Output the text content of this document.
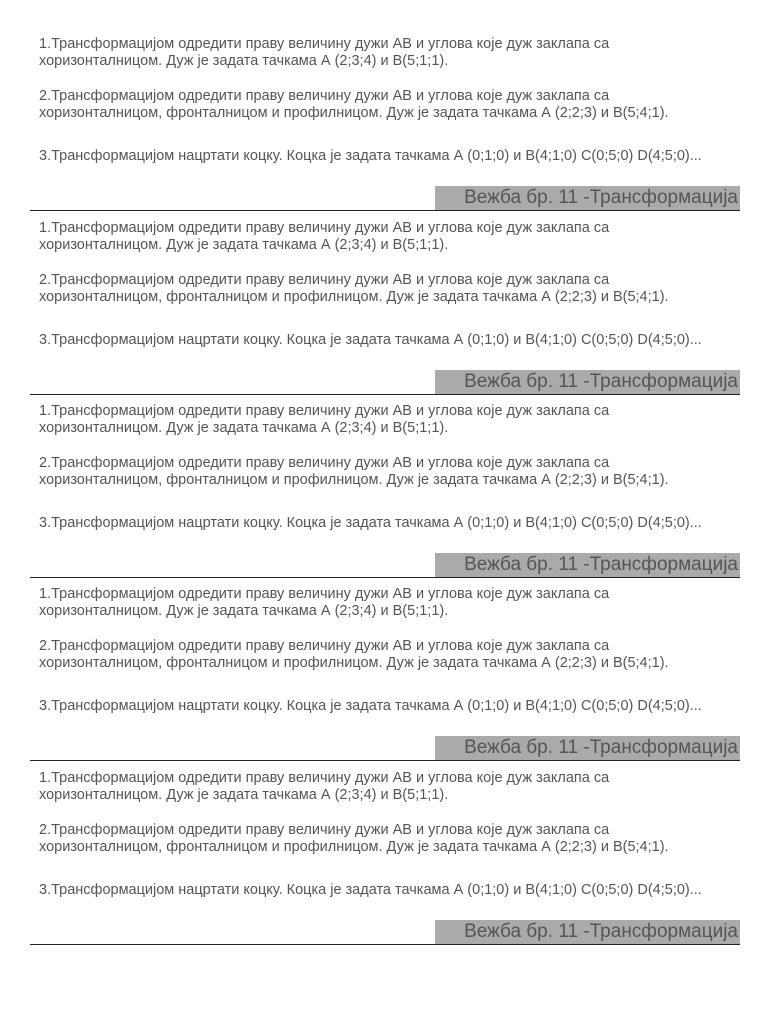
1.Трансформацијом одредити праву величину дужи АВ и углова које дуж заклапа са хоризонталницом. Дуж је задата тачкама А (2;3;4) и В(5;1;1).

2.Трансформацијом одредити праву величину дужи АВ и углова које дуж заклапа са хоризонталницом, фронталницом и профилницом. Дуж је задата тачкама А (2;2;3) и В(5;4;1).

3.Трансформацијом нацртати коцку. Коцка је задата тачкама А (0;1;0) и В(4;1;0) С(0;5;0) D(4;5;0)...

Вежба бр. 11 -Трансформација

1.Трансформацијом одредити праву величину дужи АВ и углова које дуж заклапа са хоризонталницом. Дуж је задата тачкама А (2;3;4) и В(5;1;1).

2.Трансформацијом одредити праву величину дужи АВ и углова које дуж заклапа са хоризонталницом, фронталницом и профилницом. Дуж је задата тачкама А (2;2;3) и В(5;4;1).

3.Трансформацијом нацртати коцку. Коцка је задата тачкама А (0;1;0) и В(4;1;0) С(0;5;0) D(4;5;0)...

Вежба бр. 11 -Трансформација

1.Трансформацијом одредити праву величину дужи АВ и углова које дуж заклапа са хоризонталницом. Дуж је задата тачкама А (2;3;4) и В(5;1;1).

2.Трансформацијом одредити праву величину дужи АВ и углова које дуж заклапа са хоризонталницом, фронталницом и профилницом. Дуж је задата тачкама А (2;2;3) и В(5;4;1).

3.Трансформацијом нацртати коцку. Коцка је задата тачкама А (0;1;0) и В(4;1;0) С(0;5;0) D(4;5;0)...

Вежба бр. 11 -Трансформација

1.Трансформацијом одредити праву величину дужи АВ и углова које дуж заклапа са хоризонталницом. Дуж је задата тачкама А (2;3;4) и В(5;1;1).

2.Трансформацијом одредити праву величину дужи АВ и углова које дуж заклапа са хоризонталницом, фронталницом и профилницом. Дуж је задата тачкама А (2;2;3) и В(5;4;1).

3.Трансформацијом нацртати коцку. Коцка је задата тачкама А (0;1;0) и В(4;1;0) С(0;5;0) D(4;5;0)...

Вежба бр. 11 -Трансформација

1.Трансформацијом одредити праву величину дужи АВ и углова које дуж заклапа са хоризонталницом. Дуж је задата тачкама А (2;3;4) и В(5;1;1).

2.Трансформацијом одредити праву величину дужи АВ и углова које дуж заклапа са хоризонталницом, фронталницом и профилницом. Дуж је задата тачкама А (2;2;3) и В(5;4;1).

3.Трансформацијом нацртати коцку. Коцка је задата тачкама А (0;1;0) и В(4;1;0) С(0;5;0) D(4;5;0)...

Вежба бр. 11 -Трансформација
